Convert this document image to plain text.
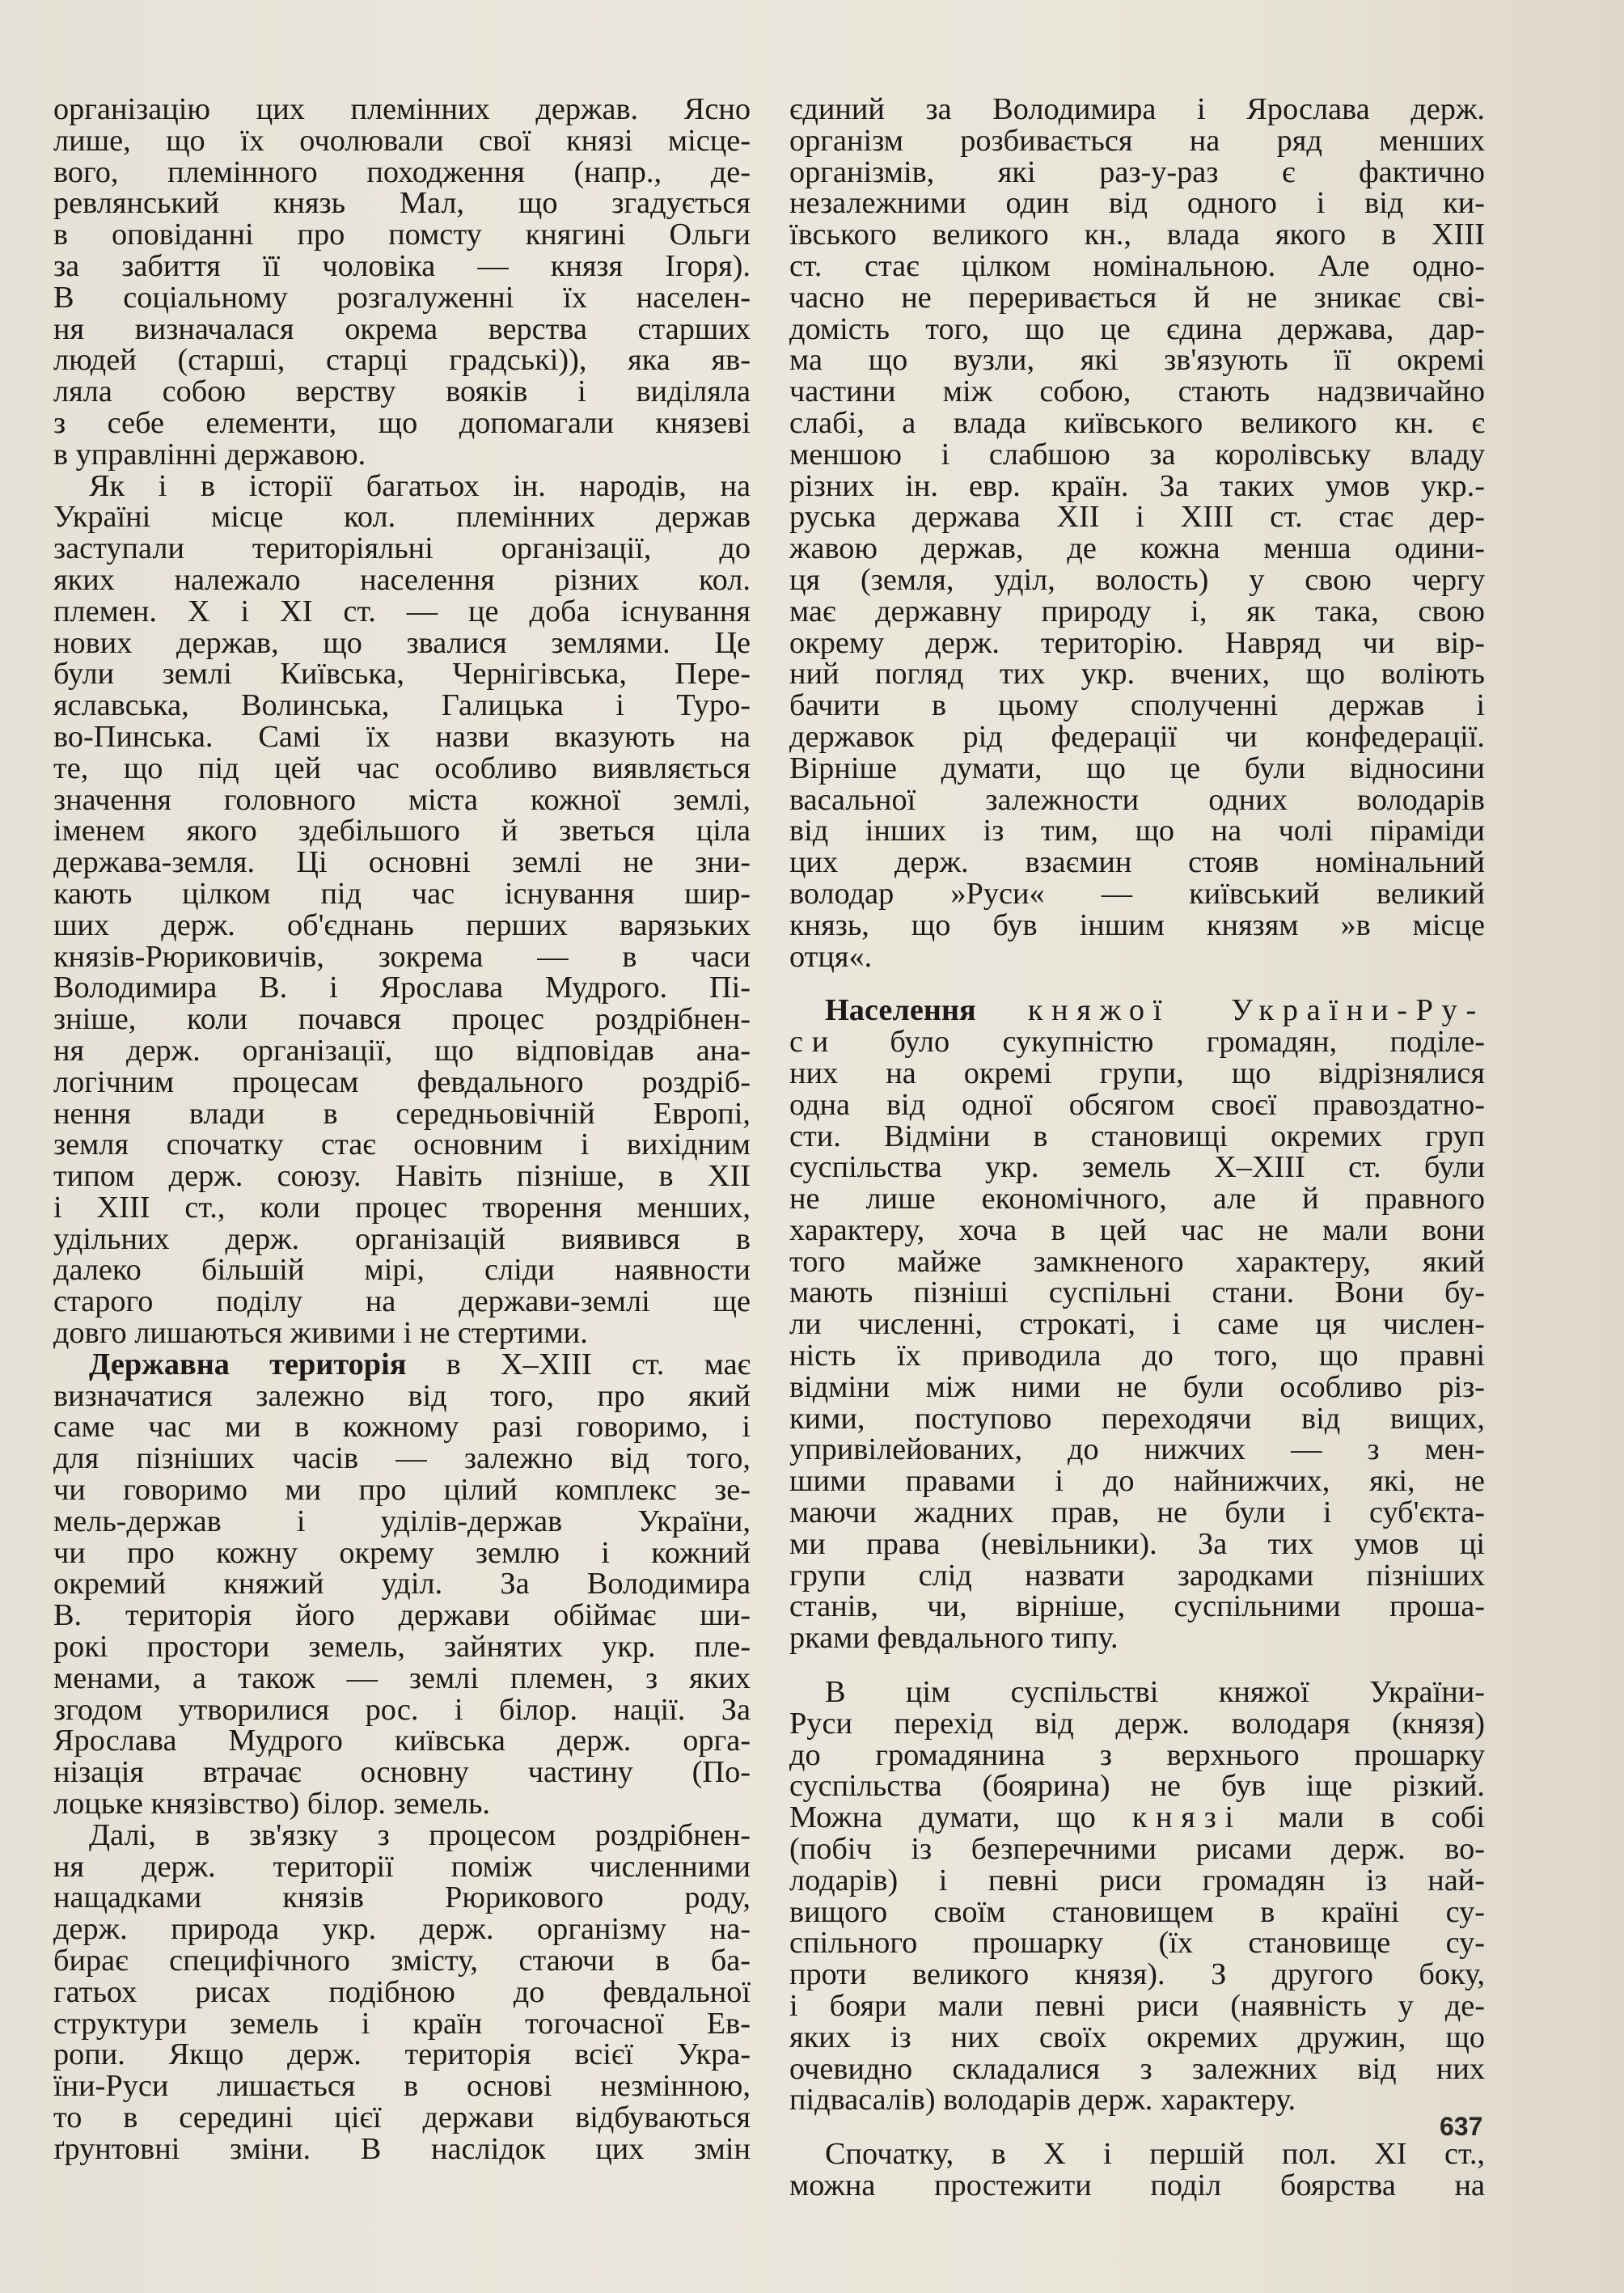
організацію цих племінних держав. Ясно
лише, що їх очолювали свої князі місце-
вого, племінного походження (напр., де-
ревлянський князь Мал, що згадується
в оповіданні про помсту княгині Ольги
за забиття її чоловіка — князя Ігоря).
В соціальному розгалуженні їх населен-
ня визначалася окрема верства старших
людей (старші, старці градські)), яка яв-
ляла собою верству вояків і виділяла
з себе елементи, що допомагали князеві
в управлінні державою.
Як і в історії багатьох ін. народів, на
Україні місце кол. племінних держав
заступали територіяльні організації, до
яких належало населення різних кол.
племен. X і XI ст. — це доба існування
нових держав, що звалися землями. Це
були землі Київська, Чернігівська, Пере-
яславська, Волинська, Галицька і Туро-
во-Пинська. Самі їх назви вказують на
те, що під цей час особливо виявляється
значення головного міста кожної землі,
іменем якого здебільшого й зветься ціла
держава-земля. Ці основні землі не зни-
кають цілком під час існування шир-
ших держ. об'єднань перших варязьких
князів-Рюриковичів, зокрема — в часи
Володимира В. і Ярослава Мудрого. Пі-
зніше, коли почався процес роздрібнен-
ня держ. організації, що відповідав ана-
логічним процесам февдального роздріб-
нення влади в середньовічній Европі,
земля спочатку стає основним і вихідним
типом держ. союзу. Навіть пізніше, в XII
і XIII ст., коли процес творення менших,
удільних держ. організацій виявився в
далеко більшій мірі, сліди наявности
старого поділу на держави-землі ще
довго лишаються живими і не стертими.
Державна територія в X–XIII ст. має
визначатися залежно від того, про який
саме час ми в кожному разі говоримо, і
для пізніших часів — залежно від того,
чи говоримо ми про цілий комплекс зе-
мель-держав і уділів-держав України,
чи про кожну окрему землю і кожний
окремий княжий уділ. За Володимира
В. територія його держави обіймає ши-
рокі простори земель, зайнятих укр. пле-
менами, а також — землі племен, з яких
згодом утворилися рос. і білор. нації. За
Ярослава Мудрого київська держ. орга-
нізація втрачає основну частину (По-
лоцьке князівство) білор. земель.
Далі, в зв'язку з процесом роздрібнен-
ня держ. території поміж численними
нащадками князів Рюрикового роду,
держ. природа укр. держ. організму на-
бирає специфічного змісту, стаючи в ба-
гатьох рисах подібною до февдальної
структури земель і країн тогочасної Ев-
ропи. Якщо держ. територія всієї Укра-
їни-Руси лишається в основі незмінною,
то в середині цієї держави відбуваються
ґрунтовні зміни. В наслідок цих змін
єдиний за Володимира і Ярослава держ.
організм розбивається на ряд менших
організмів, які раз-у-раз є фактично
незалежними один від одного і від ки-
ївського великого кн., влада якого в XIII
ст. стає цілком номінальною. Але одно-
часно не переривається й не зникає сві-
домість того, що це єдина держава, дар-
ма що вузли, які зв'язують її окремі
частини між собою, стають надзвичайно
слабі, а влада київського великого кн. є
меншою і слабшою за королівську владу
різних ін. евр. країн. За таких умов укр.-
руська держава XII і XIII ст. стає дер-
жавою держав, де кожна менша одини-
ця (земля, уділ, волость) у свою чергу
має державну природу і, як така, свою
окрему держ. територію. Навряд чи вір-
ний погляд тих укр. вчених, що воліють
бачити в цьому сполученні держав і
державок рід федерації чи конфедерації.
Вірніше думати, що це були відносини
васальної залежности одних володарів
від інших із тим, що на чолі піраміди
цих держ. взаємин стояв номінальний
володар »Руси« — київський великий
князь, що був іншим князям »в місце
отця«.
Населення княжої України-Ру-
си було сукупністю громадян, поділе-
них на окремі групи, що відрізнялися
одна від одної обсягом своєї правоздатно-
сти. Відміни в становищі окремих груп
суспільства укр. земель X–XIII ст. були
не лише економічного, але й правного
характеру, хоча в цей час не мали вони
того майже замкненого характеру, який
мають пізніші суспільні стани. Вони бу-
ли численні, строкаті, і саме ця числен-
ність їх приводила до того, що правні
відміни між ними не були особливо різ-
кими, поступово переходячи від вищих,
упривілейованих, до нижчих — з мен-
шими правами і до найнижчих, які, не
маючи жадних прав, не були і суб'єкта-
ми права (невільники). За тих умов ці
групи слід назвати зародками пізніших
станів, чи, вірніше, суспільними проша-
рками февдального типу.
В цім суспільстві княжої України-
Руси перехід від держ. володаря (князя)
до громадянина з верхнього прошарку
суспільства (боярина) не був іще різкий.
Можна думати, що князі мали в собі
(побіч із безперечними рисами держ. во-
лодарів) і певні риси громадян із най-
вищого своїм становищем в країні су-
спільного прошарку (їх становище су-
проти великого князя). З другого боку,
і бояри мали певні риси (наявність у де-
яких із них своїх окремих дружин, що
очевидно складалися з залежних від них
підвасалів) володарів держ. характеру.
Спочатку, в X і першій пол. XI ст.,
можна простежити поділ боярства на
637
